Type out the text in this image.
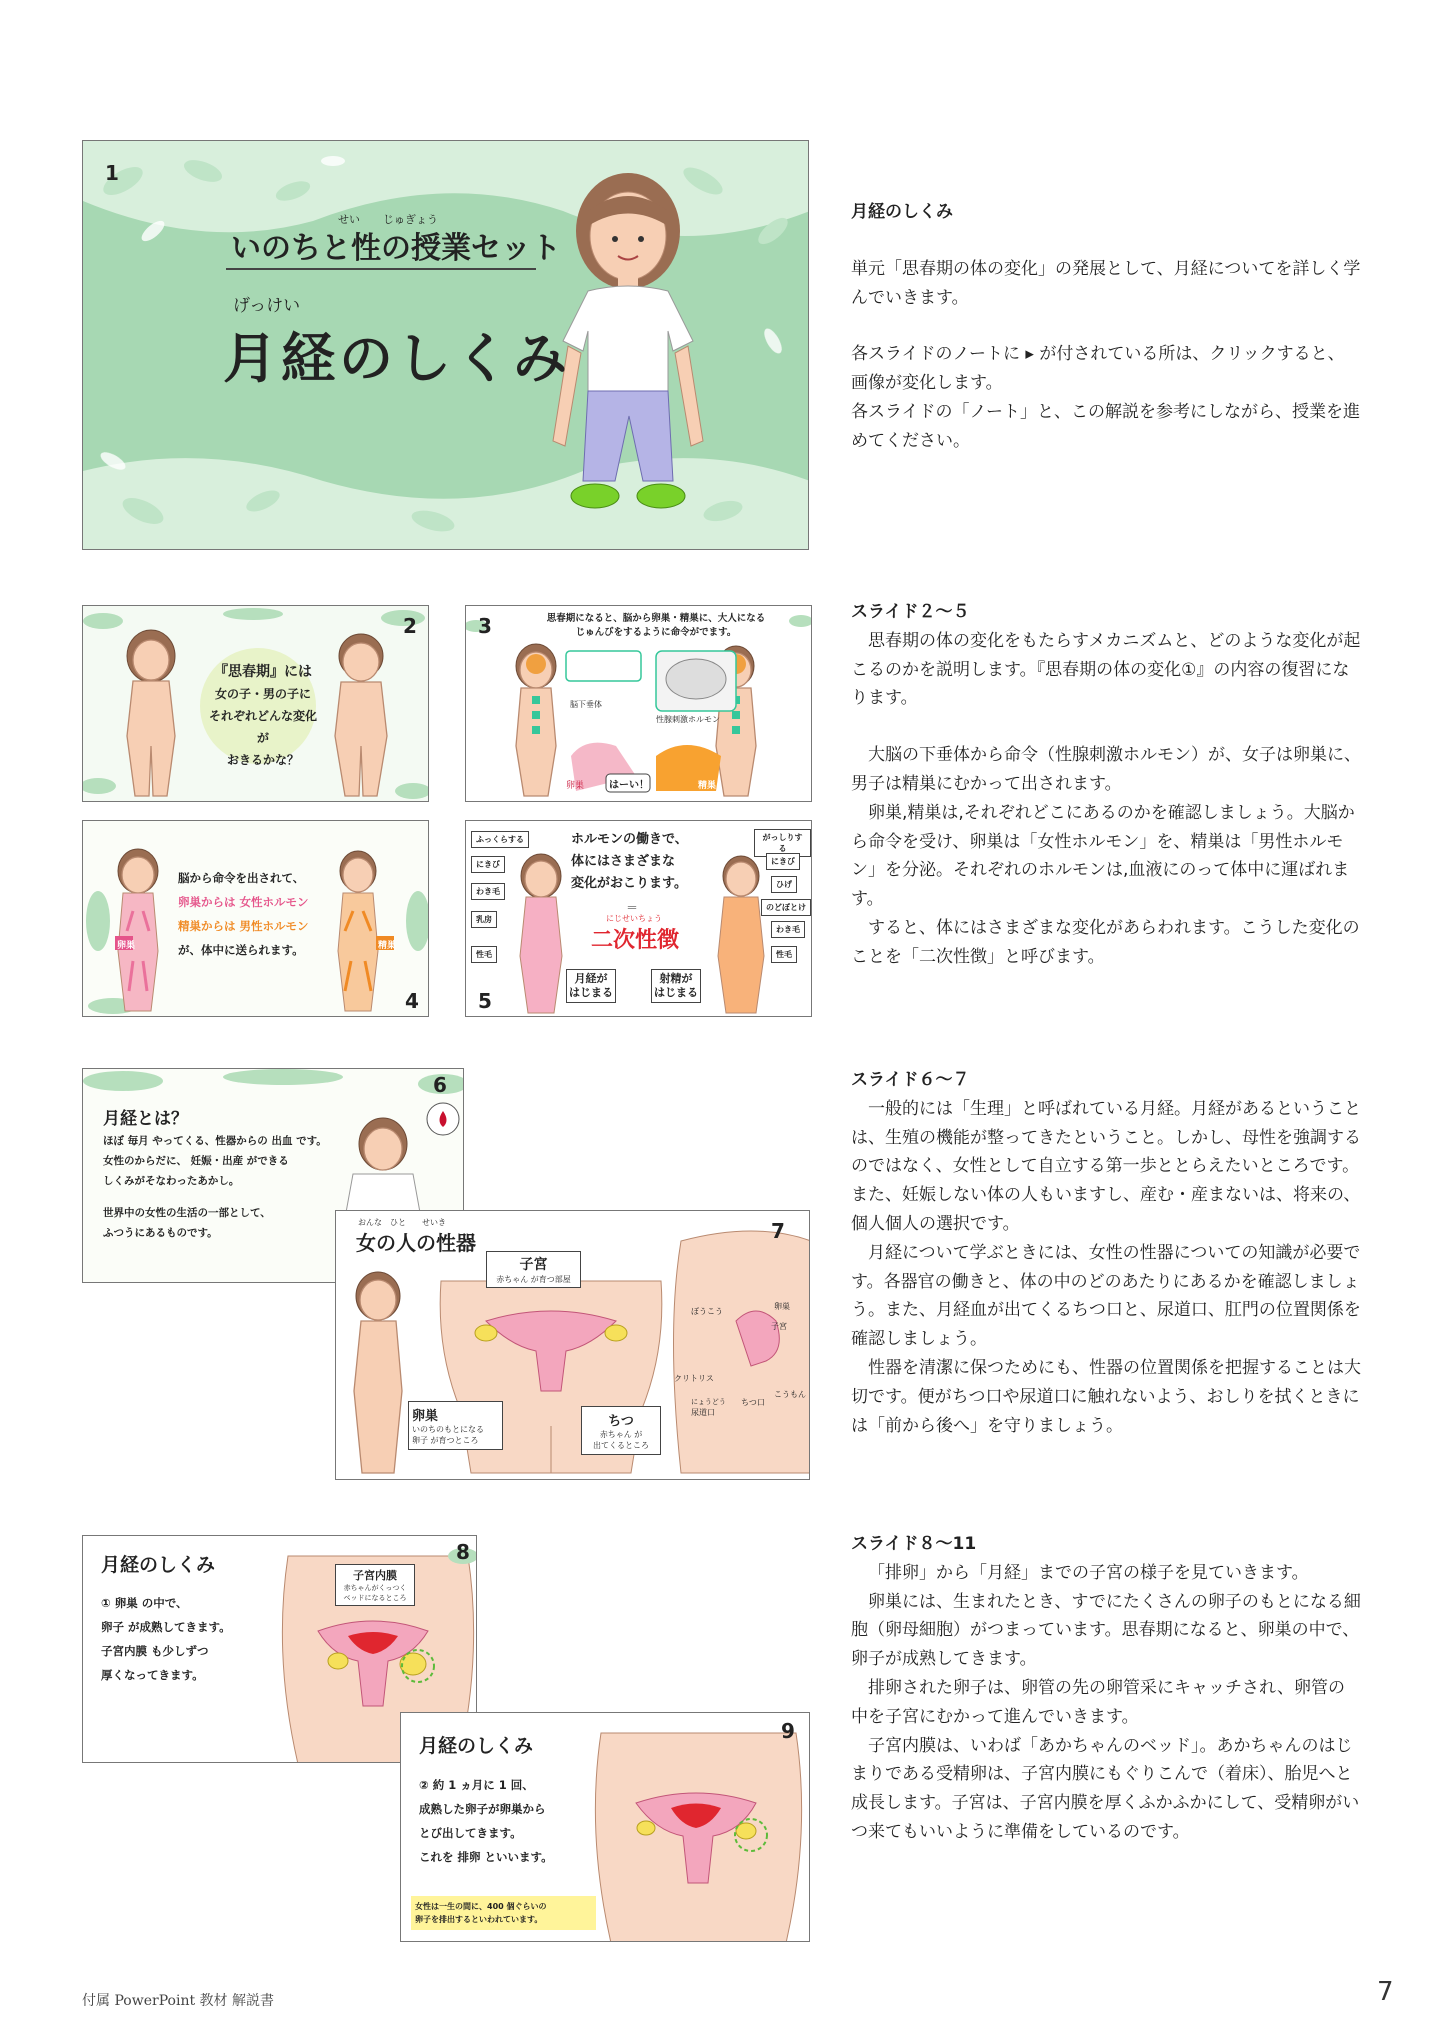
1
せい じゅぎょう
いのちと性の授業セット
げっけい
月経のしくみ
2
『思春期』には
女の子・男の子に
それぞれどんな変化が
おきるかな？
3	思春期になると、脳から卵巣・精巣に、大人になる
じゅんびをするように命令がでます。
脳下垂体
性腺刺激ホルモン
卵巣	精巣
はーい！
4
脳から命令を出されて、
卵巣からは 女性ホルモン
精巣からは 男性ホルモン
が、体中に送られます。
卵巣	精巣
5
ホルモンの働きで、
体にはさまざまな
変化がおこります。
＝
にじせいちょう
二次性徴
月経が
はじまる
射精が
はじまる
ふっくらする
にきび
わき毛
乳房
性毛
がっしりする
にきび
ひげ
のどぼとけ
わき毛
性毛
6
月経とは？
ほぼ 毎月 やってくる、性器からの 出血 です。
女性のからだに、 妊娠・出産 ができる
しくみがそなわったあかし。
世界中の女性の生活の一部として、
ふつうにあるものです。	7
おんな　ひと　　せいき
女の人の性器
子宮
赤ちゃん が育つ部屋
卵巣
いのちのもとになる
卵子 が育つところ
ちつ
赤ちゃん が
出てくるところ
ぼうこう
クリトリス
にょうどう
尿道口
ちつ口
こうもん
子宮
卵巣
8
月経のしくみ
① 卵巣 の中で、
卵子 が成熟してきます。
子宮内膜 も少しずつ
厚くなってきます。
子宮内膜
赤ちゃんがくっつく
ベッドになるところ
9
月経のしくみ
② 約 1 ヵ月に 1 回、
成熟した卵子が卵巣から
とび出してきます。
これを 排卵 といいます。
女性は一生の間に、400 個ぐらいの
卵子を排出するといわれています。

月経のしくみ

単元「思春期の体の変化」の発展として、月経についてを詳しく学んでいきます。

各スライドのノートに ▸ が付されている所は、クリックすると、画像が変化します。

各スライドの「ノート」と、この解説を参考にしながら、授業を進めてください。

スライド２～５

思春期の体の変化をもたらすメカニズムと、どのような変化が起こるのかを説明します。『思春期の体の変化①』の内容の復習になります。

大脳の下垂体から命令（性腺刺激ホルモン）が、女子は卵巣に、男子は精巣にむかって出されます。

卵巣,精巣は,それぞれどこにあるのかを確認しましょう。大脳から命令を受け、卵巣は「女性ホルモン」を、精巣は「男性ホルモン」を分泌。それぞれのホルモンは,血液にのって体中に運ばれます。

すると、体にはさまざまな変化があらわれます。こうした変化のことを「二次性徴」と呼びます。

スライド６～７

一般的には「生理」と呼ばれている月経。月経があるということは、生殖の機能が整ってきたということ。しかし、母性を強調するのではなく、女性として自立する第一歩ととらえたいところです。また、妊娠しない体の人もいますし、産む・産まないは、将来の、個人個人の選択です。

月経について学ぶときには、女性の性器についての知識が必要です。各器官の働きと、体の中のどのあたりにあるかを確認しましょう。また、月経血が出てくるちつ口と、尿道口、肛門の位置関係を確認しましょう。

性器を清潔に保つためにも、性器の位置関係を把握することは大切です。便がちつ口や尿道口に触れないよう、おしりを拭くときには「前から後へ」を守りましょう。

スライド８～11

「排卵」から「月経」までの子宮の様子を見ていきます。

卵巣には、生まれたとき、すでにたくさんの卵子のもとになる細胞（卵母細胞）がつまっています。思春期になると、卵巣の中で、卵子が成熟してきます。

排卵された卵子は、卵管の先の卵管采にキャッチされ、卵管の中を子宮にむかって進んでいきます。

子宮内膜は、いわば「あかちゃんのベッド」。あかちゃんのはじまりである受精卵は、子宮内膜にもぐりこんで（着床）、胎児へと成長します。子宮は、子宮内膜を厚くふかふかにして、受精卵がいつ来てもいいように準備をしているのです。

付属 PowerPoint 教材 解説書	7
